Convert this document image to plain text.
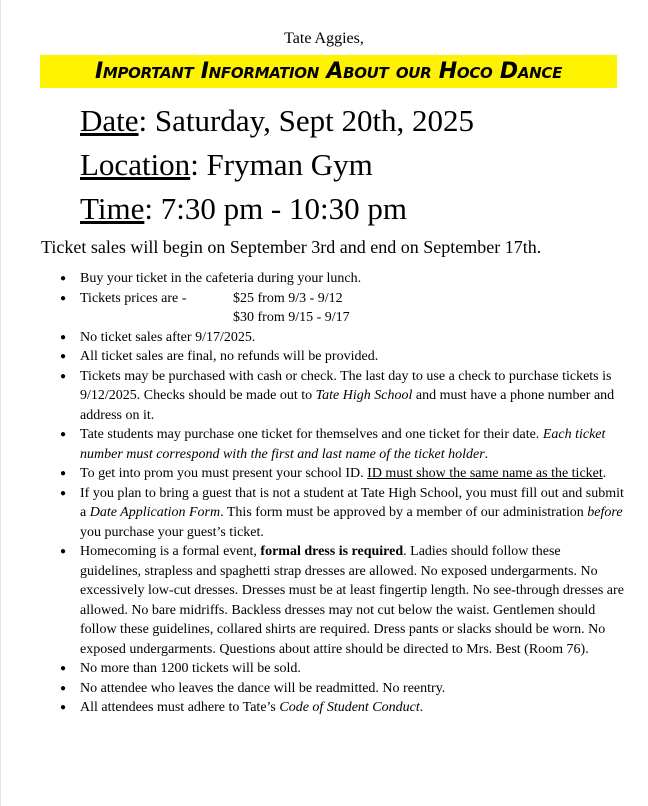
Tate Aggies,
Important Information About our Hoco Dance
Date: Saturday, Sept 20th, 2025
Location: Fryman Gym
Time: 7:30 pm - 10:30 pm
Ticket sales will begin on September 3rd and end on September 17th.
● Buy your ticket in the cafeteria during your lunch.
● Tickets prices are -	$25 from 9/3 - 9/12
$30 from 9/15 - 9/17
● No ticket sales after 9/17/2025.
● All ticket sales are final, no refunds will be provided.
● Tickets may be purchased with cash or check. The last day to use a check to purchase tickets is 9/12/2025. Checks should be made out to Tate High School and must have a phone number and address on it.
● Tate students may purchase one ticket for themselves and one ticket for their date. Each ticket number must correspond with the first and last name of the ticket holder.
● To get into prom you must present your school ID. ID must show the same name as the ticket.
● If you plan to bring a guest that is not a student at Tate High School, you must fill out and submit a Date Application Form. This form must be approved by a member of our administration before you purchase your guest’s ticket.
● Homecoming is a formal event, formal dress is required. Ladies should follow these guidelines, strapless and spaghetti strap dresses are allowed. No exposed undergarments. No excessively low-cut dresses. Dresses must be at least fingertip length. No see-through dresses are allowed. No bare midriffs. Backless dresses may not cut below the waist. Gentlemen should follow these guidelines, collared shirts are required. Dress pants or slacks should be worn. No exposed undergarments. Questions about attire should be directed to Mrs. Best (Room 76).
● No more than 1200 tickets will be sold.
● No attendee who leaves the dance will be readmitted. No reentry.
● All attendees must adhere to Tate’s Code of Student Conduct.
